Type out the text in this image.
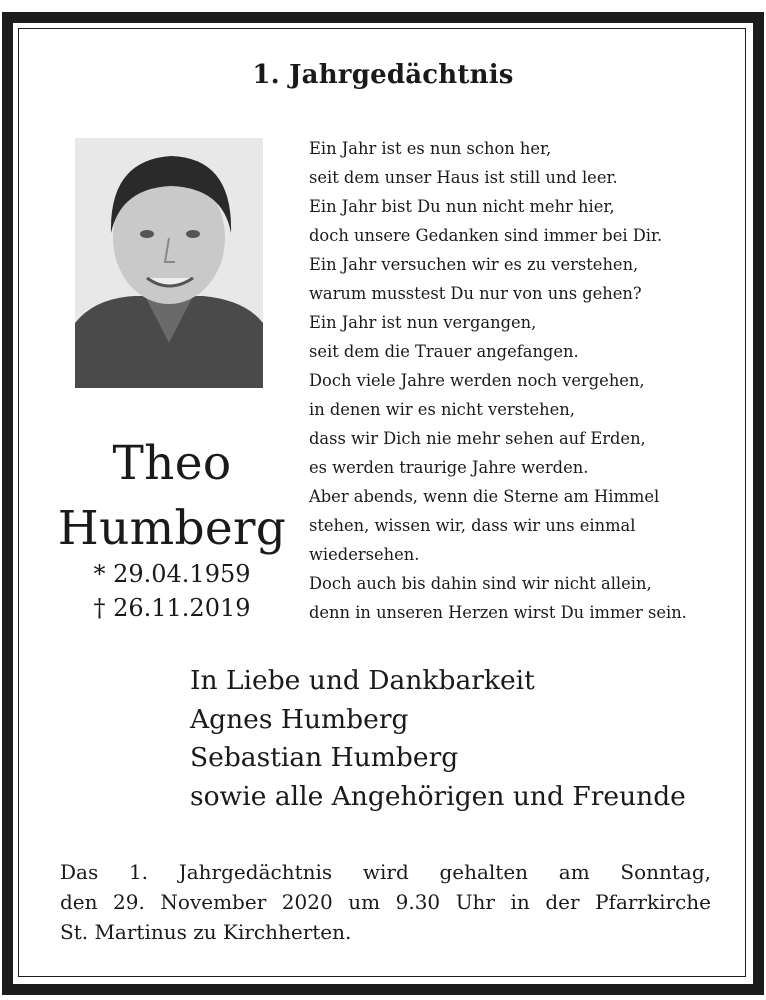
1. Jahrgedächtnis
Theo
Humberg
* 29.04.1959
† 26.11.2019
Ein Jahr ist es nun schon her,
seit dem unser Haus ist still und leer.
Ein Jahr bist Du nun nicht mehr hier,
doch unsere Gedanken sind immer bei Dir.
Ein Jahr versuchen wir es zu verstehen,
warum musstest Du nur von uns gehen?
Ein Jahr ist nun vergangen,
seit dem die Trauer angefangen.
Doch viele Jahre werden noch vergehen,
in denen wir es nicht verstehen,
dass wir Dich nie mehr sehen auf Erden,
es werden traurige Jahre werden.
Aber abends, wenn die Sterne am Himmel
stehen, wissen wir, dass wir uns einmal
wiedersehen.
Doch auch bis dahin sind wir nicht allein,
denn in unseren Herzen wirst Du immer sein.
In Liebe und Dankbarkeit
Agnes Humberg
Sebastian Humberg
sowie alle Angehörigen und Freunde
Das 1. Jahrgedächtnis wird gehalten am Sonntag,
den 29. November 2020 um 9.30 Uhr in der Pfarrkirche
St. Martinus zu Kirchherten.
